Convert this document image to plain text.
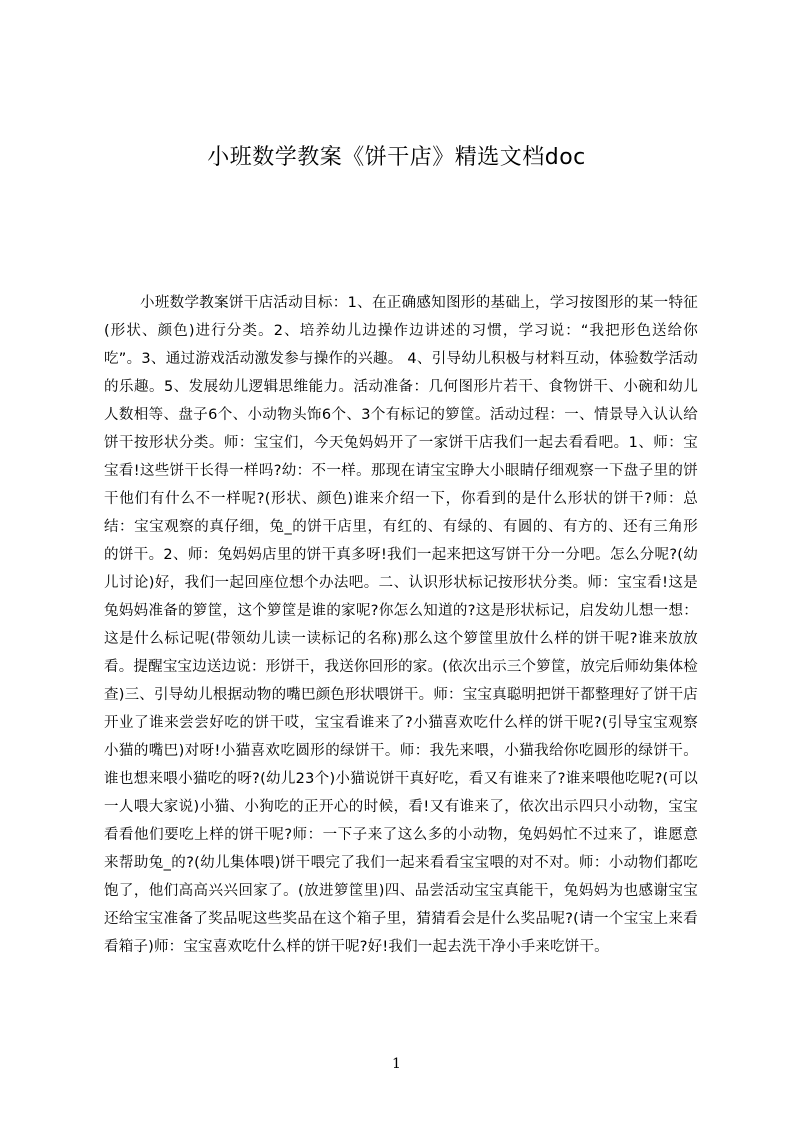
小班数学教案《饼干店》精选文档doc

小班数学教案饼干店活动目标：1、在正确感知图形的基础上，学习按图形的某一特征(形状、颜色)进行分类。2、培养幼儿边操作边讲述的习惯，学习说：“我把形色送给你吃”。3、通过游戏活动激发参与操作的兴趣。 4、引导幼儿积极与材料互动，体验数学活动的乐趣。5、发展幼儿逻辑思维能力。活动准备：几何图形片若干、食物饼干、小碗和幼儿人数相等、盘子6个、小动物头饰6个、3个有标记的箩筐。活动过程：一、情景导入认认给饼干按形状分类。师：宝宝们，今天兔妈妈开了一家饼干店我们一起去看看吧。1、师：宝宝看!这些饼干长得一样吗?幼：不一样。那现在请宝宝睁大小眼睛仔细观察一下盘子里的饼干他们有什么不一样呢?(形状、颜色)谁来介绍一下，你看到的是什么形状的饼干?师：总结：宝宝观察的真仔细，兔_的饼干店里，有红的、有绿的、有圆的、有方的、还有三角形的饼干。2、师：兔妈妈店里的饼干真多呀!我们一起来把这写饼干分一分吧。怎么分呢?(幼儿讨论)好，我们一起回座位想个办法吧。二、认识形状标记按形状分类。师：宝宝看!这是兔妈妈准备的箩筐，这个箩筐是谁的家呢?你怎么知道的?这是形状标记，启发幼儿想一想：这是什么标记呢(带领幼儿读一读标记的名称)那么这个箩筐里放什么样的饼干呢?谁来放放看。提醒宝宝边送边说：形饼干，我送你回形的家。(依次出示三个箩筐，放完后师幼集体检查)三、引导幼儿根据动物的嘴巴颜色形状喂饼干。师：宝宝真聪明把饼干都整理好了饼干店开业了谁来尝尝好吃的饼干哎，宝宝看谁来了?小猫喜欢吃什么样的饼干呢?(引导宝宝观察小猫的嘴巴)对呀!小猫喜欢吃圆形的绿饼干。师：我先来喂，小猫我给你吃圆形的绿饼干。谁也想来喂小猫吃的呀?(幼儿23个)小猫说饼干真好吃，看又有谁来了?谁来喂他吃呢?(可以一人喂大家说)小猫、小狗吃的正开心的时候，看!又有谁来了，依次出示四只小动物，宝宝看看他们要吃上样的饼干呢?师：一下子来了这么多的小动物，兔妈妈忙不过来了，谁愿意来帮助兔_的?(幼儿集体喂)饼干喂完了我们一起来看看宝宝喂的对不对。师：小动物们都吃饱了，他们高高兴兴回家了。(放进箩筐里)四、品尝活动宝宝真能干，兔妈妈为也感谢宝宝还给宝宝准备了奖品呢这些奖品在这个箱子里，猜猜看会是什么奖品呢?(请一个宝宝上来看看箱子)师：宝宝喜欢吃什么样的饼干呢?好!我们一起去洗干净小手来吃饼干。

1
